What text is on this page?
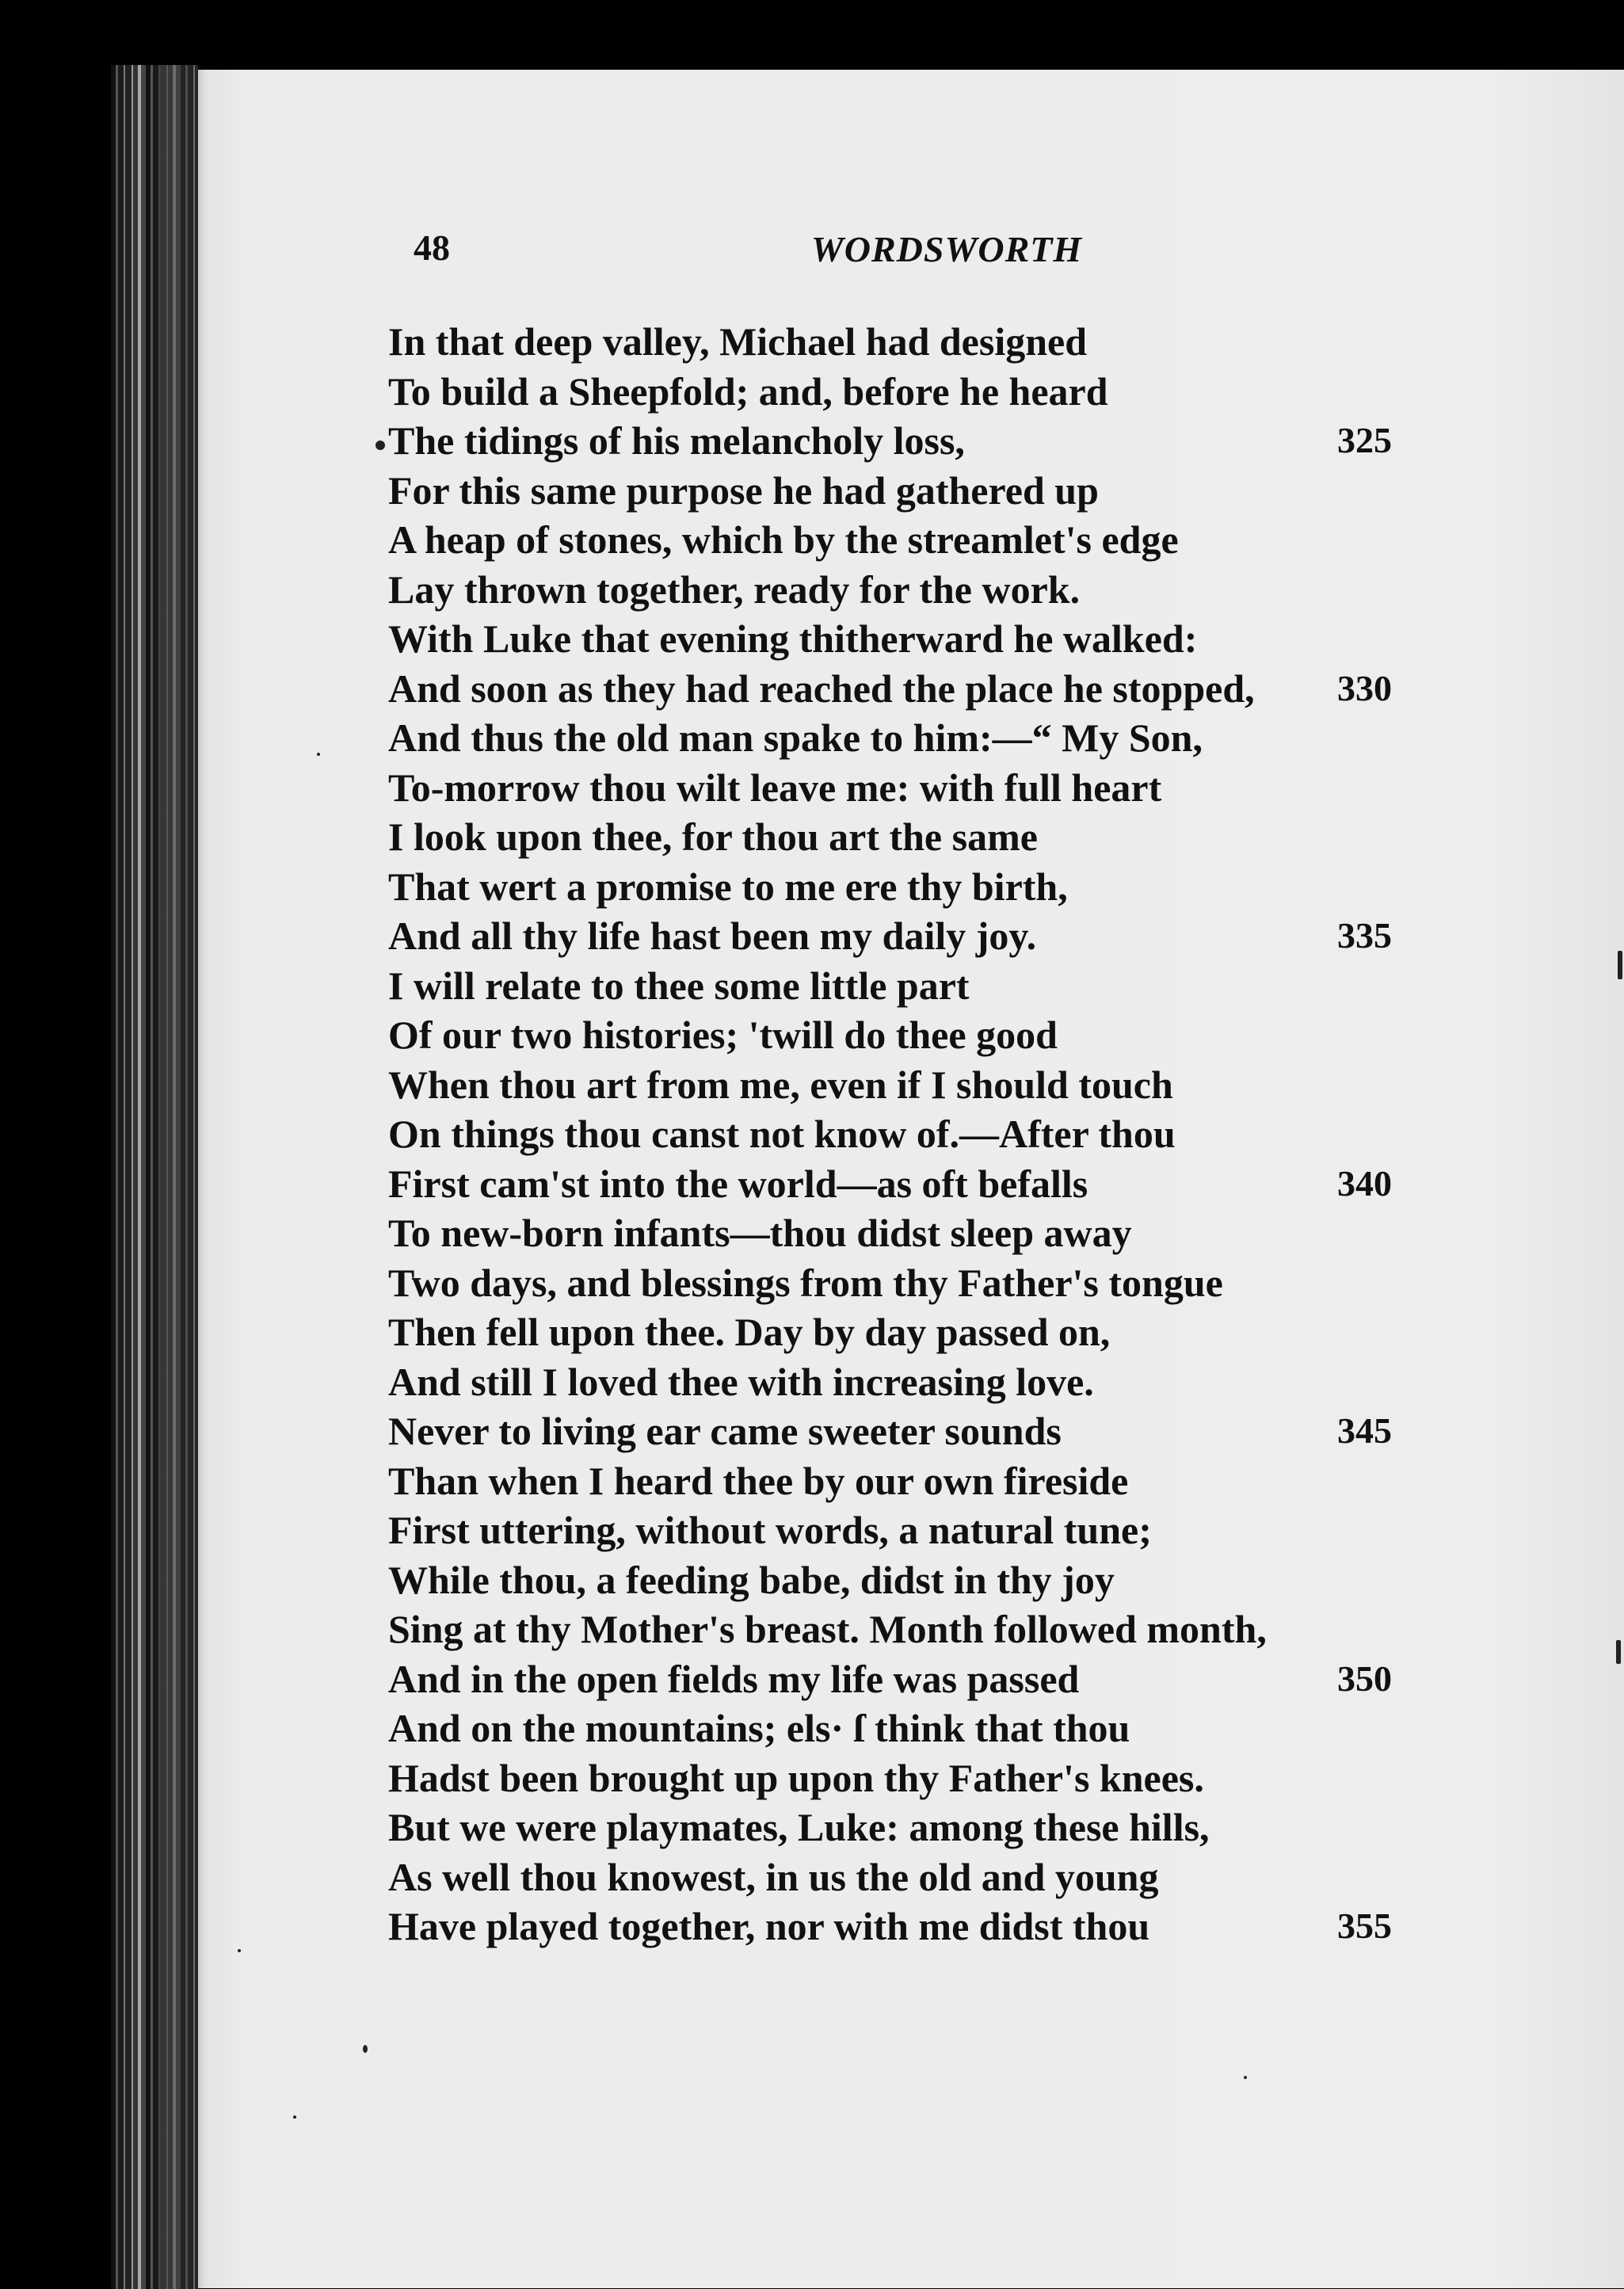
48	WORDSWORTH
In that deep valley, Michael had designed
To build a Sheepfold; and, before he heard
The tidings of his melancholy loss,	325
For this same purpose he had gathered up
A heap of stones, which by the streamlet's edge
Lay thrown together, ready for the work.
With Luke that evening thitherward he walked:
And soon as they had reached the place he stopped, 330
And thus the old man spake to him:—“ My Son,
To-morrow thou wilt leave me: with full heart
I look upon thee, for thou art the same
That wert a promise to me ere thy birth,
And all thy life hast been my daily joy.	335
I will relate to thee some little part
Of our two histories; 'twill do thee good
When thou art from me, even if I should touch
On things thou canst not know of.—After thou
First cam'st into the world—as oft befalls	340
To new-born infants—thou didst sleep away
Two days, and blessings from thy Father's tongue
Then fell upon thee. Day by day passed on,
And still I loved thee with increasing love.
Never to living ear came sweeter sounds	345
Than when I heard thee by our own fireside
First uttering, without words, a natural tune;
While thou, a feeding babe, didst in thy joy
Sing at thy Mother's breast. Month followed month,
And in the open fields my life was passed	350
And on the mountains; els· ſ think that thou
Hadst been brought up upon thy Father's knees.
But we were playmates, Luke: among these hills,
As well thou knowest, in us the old and young
Have played together, nor with me didst thou	355
